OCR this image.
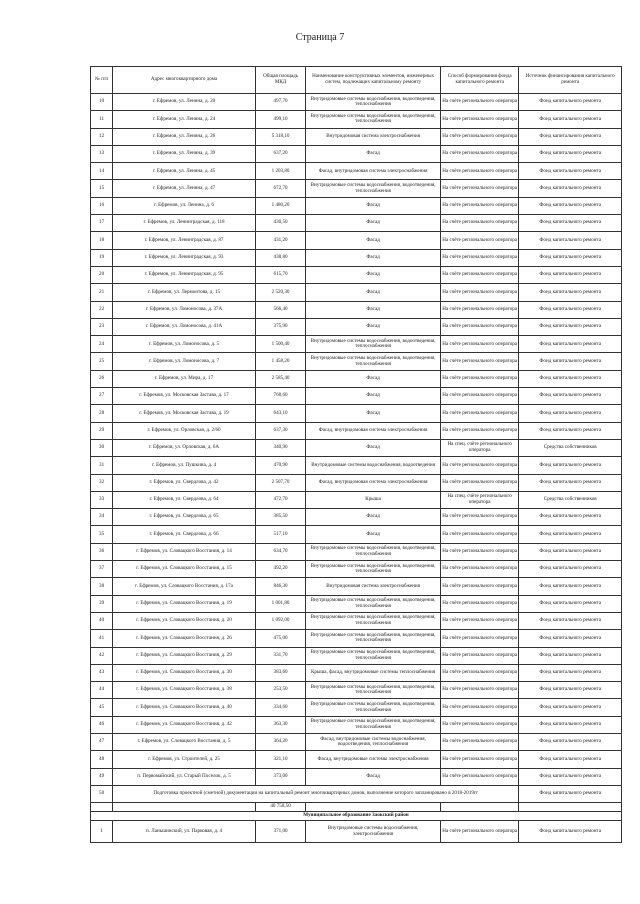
Страница 7
№ п/п	Адрес многоквартирного дома	Общая площадь МКД	Наименование конструктивных элементов, инженерных систем, подлежащих капитальному ремонту	Способ формирования фонда капитального ремонта	Источник финансирования капитального ремонта
10	г. Ефремов, ул. Ленина, д. 20	497,70	Внутридомовые системы водоснабжения, водоотведения, теплоснабжения	На счёте регионального оператора	Фонд капитального ремонта
11	г. Ефремов, ул. Ленина, д. 24	499,10	Внутридомовые системы водоснабжения, водоотведения, теплоснабжения	На счёте регионального оператора	Фонд капитального ремонта
12	г. Ефремов, ул. Ленина, д. 26	5 318,10	Внутридомовая система электроснабжения	На счёте регионального оператора	Фонд капитального ремонта
13	г. Ефремов, ул. Ленина, д. 39	637,20	Фасад	На счёте регионального оператора	Фонд капитального ремонта
14	г. Ефремов, ул. Ленина, д. 45	1 203,80	Фасад, внутридомовая система электроснабжения	На счёте регионального оператора	Фонд капитального ремонта
15	г. Ефремов, ул. Ленина, д. 47	672,70	Внутридомовые системы водоснабжения, водоотведения, теплоснабжения	На счёте регионального оператора	Фонд капитального ремонта
16	г. Ефремов, ул. Ленина, д. 6	1 480,20	Фасад	На счёте регионального оператора	Фонд капитального ремонта
17	г. Ефремов, ул. Ленинградская, д. 118	430,50	Фасад	На счёте регионального оператора	Фонд капитального ремонта
18	г. Ефремов, ул. Ленинградская, д. 87	431,20	Фасад	На счёте регионального оператора	Фонд капитального ремонта
19	г. Ефремов, ул. Ленинградская, д. 93	438,80	Фасад	На счёте регионального оператора	Фонд капитального ремонта
20	г. Ефремов, ул. Ленинградская, д. 95	615,70	Фасад	На счёте регионального оператора	Фонд капитального ремонта
21	г. Ефремов, ул. Лермонтова, д. 15	2 520,30	Фасад	На счёте регионального оператора	Фонд капитального ремонта
22	г. Ефремов, ул. Ломоносова, д. 37А	566,40	Фасад	На счёте регионального оператора	Фонд капитального ремонта
23	г. Ефремов, ул. Ломоносова, д. 41А	375,90	Фасад	На счёте регионального оператора	Фонд капитального ремонта
24	г. Ефремов, ул. Ломоносова, д. 5	1 500,40	Внутридомовые системы водоснабжения, водоотведения, теплоснабжения	На счёте регионального оператора	Фонд капитального ремонта
25	г. Ефремов, ул. Ломоносова, д. 7	1 458,20	Внутридомовые системы водоснабжения, водоотведения, теплоснабжения	На счёте регионального оператора	Фонд капитального ремонта
26	г. Ефремов, ул. Мира, д. 17	2 585,40	Фасад	На счёте регионального оператора	Фонд капитального ремонта
27	г. Ефремов, ул. Московская Застава, д. 17	768,60	Фасад	На счёте регионального оператора	Фонд капитального ремонта
28	г. Ефремов, ул. Московская Застава, д. 19	643,10	Фасад	На счёте регионального оператора	Фонд капитального ремонта
29	г. Ефремов, ул. Орловская, д. 2/60	637,30	Фасад, внутридомовая система электроснабжения	На счёте регионального оператора	Фонд капитального ремонта
30	г. Ефремов, ул. Орловская, д. 6А	340,90	Фасад	На спец. счёте регионального оператора	Средства собственников
31	г. Ефремов, ул. Пушкина, д. 4	470,90	Внутридомовые системы водоснабжения, водоотведения	На счёте регионального оператора	Фонд капитального ремонта
32	г. Ефремов, ул. Свердлова, д. 42	2 507,70	Фасад, внутридомовая система электроснабжения	На счёте регионального оператора	Фонд капитального ремонта
33	г. Ефремов, ул. Свердлова, д. 64	472,70	Крыша	На спец. счёте регионального оператора	Средства собственников
34	г. Ефремов, ул. Свердлова, д. 65	385,50	Фасад	На счёте регионального оператора	Фонд капитального ремонта
35	г. Ефремов, ул. Свердлова, д. 66	517,10	Фасад	На счёте регионального оператора	Фонд капитального ремонта
36	г. Ефремов, ул. Словацкого Восстания, д. 14	634,70	Внутридомовые системы водоснабжения, водоотведения, теплоснабжения	На счёте регионального оператора	Фонд капитального ремонта
37	г. Ефремов, ул. Словацкого Восстания, д. 15	492,20	Внутридомовые системы водоснабжения, водоотведения, теплоснабжения	На счёте регионального оператора	Фонд капитального ремонта
38	г. Ефремов, ул. Словацкого Восстания, д. 17а	846,30	Внутридомовая система электроснабжения	На счёте регионального оператора	Фонд капитального ремонта
39	г. Ефремов, ул. Словацкого Восстания, д. 19	1 001,80	Внутридомовые системы водоснабжения, водоотведения, теплоснабжения	На счёте регионального оператора	Фонд капитального ремонта
40	г. Ефремов, ул. Словацкого Восстания, д. 20	1 092,00	Внутридомовые системы водоснабжения, водоотведения, теплоснабжения	На счёте регионального оператора	Фонд капитального ремонта
41	г. Ефремов, ул. Словацкого Восстания, д. 26	475,00	Внутридомовые системы водоснабжения, водоотведения, теплоснабжения	На счёте регионального оператора	Фонд капитального ремонта
42	г. Ефремов, ул. Словацкого Восстания, д. 29	331,70	Внутридомовые системы водоснабжения, водоотведения, теплоснабжения	На счёте регионального оператора	Фонд капитального ремонта
43	г. Ефремов, ул. Словацкого Восстания, д. 30	383,60	Крыша, фасад, внутридомовые системы теплоснабжения	На счёте регионального оператора	Фонд капитального ремонта
44	г. Ефремов, ул. Словацкого Восстания, д. 38	253,50	Внутридомовые системы водоснабжения, водоотведения, теплоснабжения	На счёте регионального оператора	Фонд капитального ремонта
45	г. Ефремов, ул. Словацкого Восстания, д. 40	334,60	Внутридомовые системы водоснабжения, водоотведения, теплоснабжения	На счёте регионального оператора	Фонд капитального ремонта
46	г. Ефремов, ул. Словацкого Восстания, д. 42	363,30	Внутридомовые системы водоснабжения, водоотведения, теплоснабжения	На счёте регионального оператора	Фонд капитального ремонта
47	г. Ефремов, ул. Словацкого Восстания, д. 5	364,20	Фасад, внутридомовые системы водоснабжения, водоотведения, теплоснабжения	На счёте регионального оператора	Фонд капитального ремонта
48	г. Ефремов, ул. Строителей, д. 25	321,10	Фасад, внутридомовые системы электроснабжения	На счёте регионального оператора	Фонд капитального ремонта
49	п. Первомайский, ул. Старый Поселок, д. 5	373,00	Фасад	На счёте регионального оператора	Фонд капитального ремонта
50	Подготовка проектной (сметной) документации на капитальный ремонт многоквартирных домов, выполнение которого запланировано в 2018-2019гг				Фонд капитального ремонта
		40 758,50			
Муниципальное образование Заокский район					
1	п. Ланьшинский, ул. Парковая, д. 4	371,00	Внутридомовые системы водоснабжения, электроснабжения	На счёте регионального оператора	Фонд капитального ремонта
